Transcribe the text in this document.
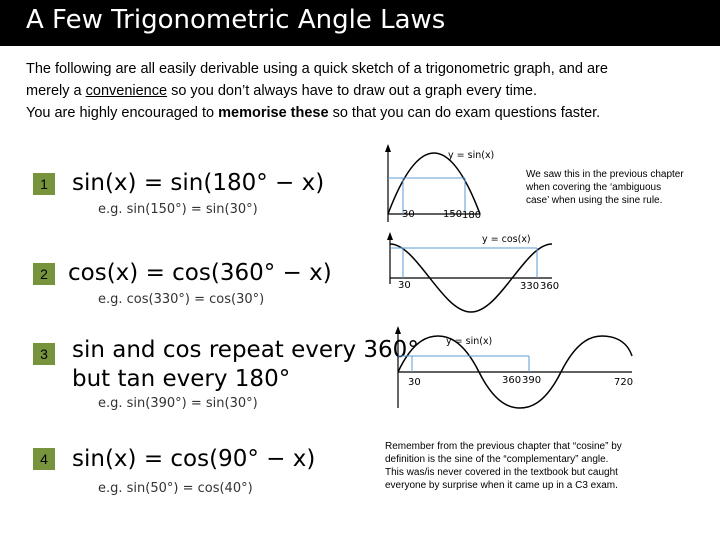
A Few Trigonometric Angle Laws

The following are all easily derivable using a quick sketch of a trigonometric graph, and are

merely a convenience so you don’t always have to draw out a graph every time.

You are highly encouraged to memorise these so that you can do exam questions faster.

1	sin(x) = sin(180° − x)
e.g. sin(150°) = sin(30°)
2 cos(x) = cos(360° − x)
e.g. cos(330°) = cos(30°)
3	sin and cos repeat every 360°
but tan every 180°
e.g. sin(390°) = sin(30°)
4	sin(x) = cos(90° − x)
e.g. sin(50°) = cos(40°)
y = sin(x)
30	150 180
y = cos(x)
30	330 360
y = sin(x)
30	360 390	720

We saw this in the previous chapter

when covering the ‘ambiguous

case’ when using the sine rule.

Remember from the previous chapter that “cosine” by

definition is the sine of the “complementary” angle.

This was/is never covered in the textbook but caught

everyone by surprise when it came up in a C3 exam.
